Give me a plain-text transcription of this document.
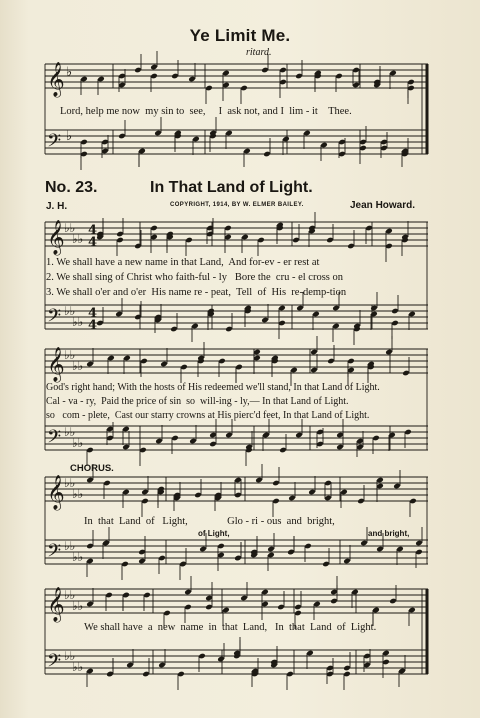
𝄞
𝄢
𝄞
𝄢
𝄞
𝄢
𝄞
𝄢
𝄞
𝄢
♭
♭
♭♭
♭♭
♭♭
♭♭
♭♭
♭♭
♭♭
♭♭
♭♭
♭♭
♭♭
♭♭
♭♭
♭♭
♭♭
♭♭
4
4
4
4
Ye Limit Me.
ritard.
Lord, help me now  my sin to  see,     I  ask not, and I  lim - it    Thee.
No. 23.	In That Land of Light.
J. H.	COPYRIGHT, 1914, BY W. ELMER BAILEY.	Jean Howard.
1. We shall have a new name in that Land,  And for-ev - er rest at
2. We shall sing of Christ who faith-ful - ly   Bore the  cru - el cross on
3. We shall o'er and o'er  His name re - peat,  Tell  of  His  re-demp-tion
God's right hand; With the hosts of His redeemed we'll stand, In that Land of Light.
Cal - va - ry,  Paid the price of sin  so  will-ing - ly,— In that Land of Light.
so   com - plete,  Cast our starry crowns at His pierc'd feet, In that Land of Light.
CHORUS.
In  that  Land  of   Light,               Glo - ri - ous  and  bright,
of Light,	and bright,
We shall have  a  new  name  in  that  Land,   In  that  Land  of  Light.
